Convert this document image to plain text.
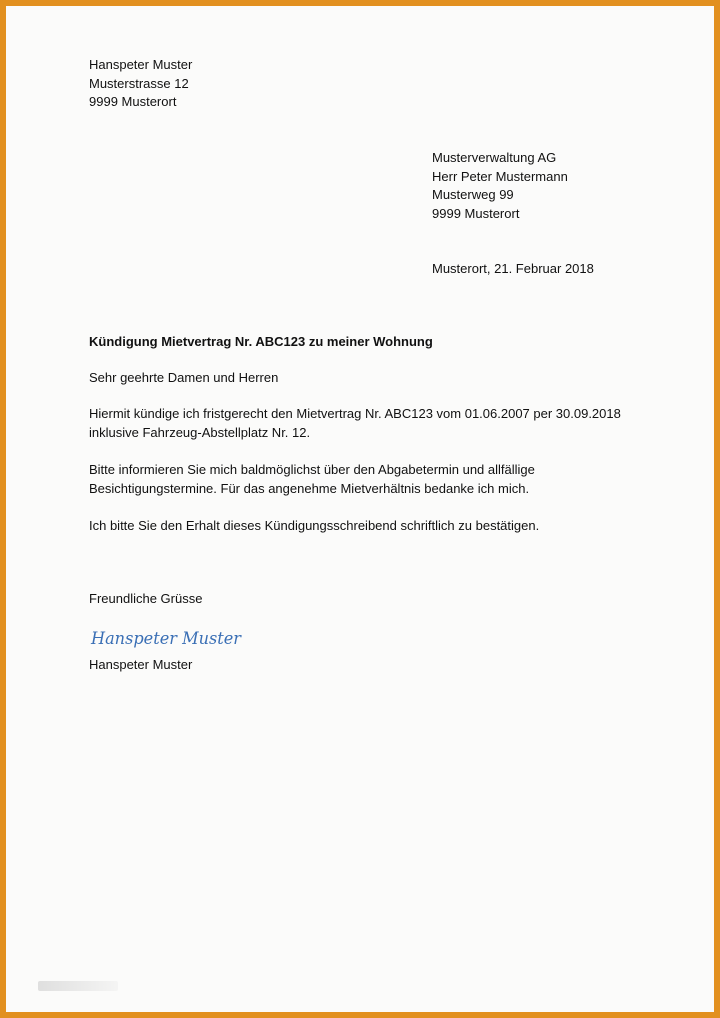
Hanspeter Muster
Musterstrasse 12
9999 Musterort
Musterverwaltung AG
Herr Peter Mustermann
Musterweg 99
9999 Musterort
Musterort, 21. Februar 2018
Kündigung Mietvertrag Nr. ABC123 zu meiner Wohnung
Sehr geehrte Damen und Herren
Hiermit kündige ich fristgerecht den Mietvertrag Nr. ABC123 vom 01.06.2007 per 30.09.2018
inklusive Fahrzeug-Abstellplatz Nr. 12.
Bitte informieren Sie mich baldmöglichst über den Abgabetermin und allfällige
Besichtigungstermine. Für das angenehme Mietverhältnis bedanke ich mich.
Ich bitte Sie den Erhalt dieses Kündigungsschreibend schriftlich zu bestätigen.
Freundliche Grüsse
Hanspeter Muster
Hanspeter Muster
